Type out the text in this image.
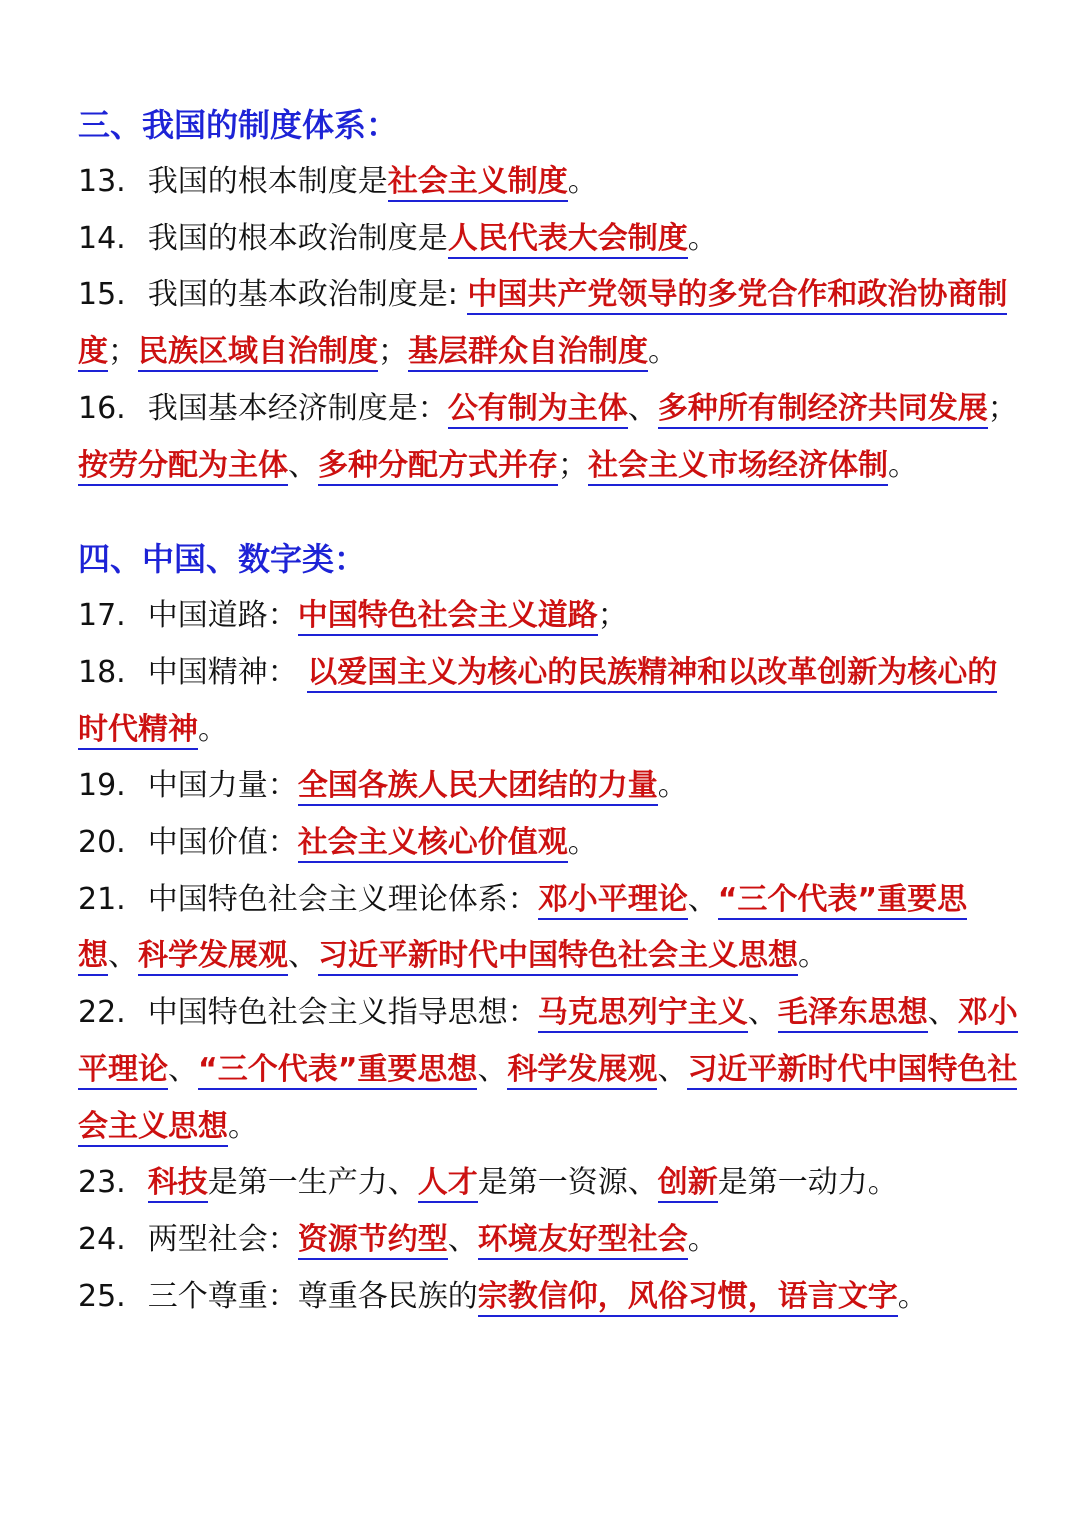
三、我国的制度体系：
13. 我国的根本制度是社会主义制度。
14. 我国的根本政治制度是人民代表大会制度。
15. 我国的基本政治制度是: 中国共产党领导的多党合作和政治协商制度；民族区域自治制度；基层群众自治制度。
16. 我国基本经济制度是：公有制为主体、多种所有制经济共同发展；按劳分配为主体、多种分配方式并存；社会主义市场经济体制。
四、中国、数字类：
17. 中国道路：中国特色社会主义道路；
18. 中国精神： 以爱国主义为核心的民族精神和以改革创新为核心的时代精神。
19. 中国力量：全国各族人民大团结的力量。
20. 中国价值：社会主义核心价值观。
21. 中国特色社会主义理论体系：邓小平理论、“三个代表”重要思想、科学发展观、习近平新时代中国特色社会主义思想。
22. 中国特色社会主义指导思想：马克思列宁主义、毛泽东思想、邓小平理论、“三个代表”重要思想、科学发展观、习近平新时代中国特色社会主义思想。
23. 科技是第一生产力、人才是第一资源、创新是第一动力。
24. 两型社会：资源节约型、环境友好型社会。
25. 三个尊重：尊重各民族的宗教信仰，风俗习惯，语言文字。
